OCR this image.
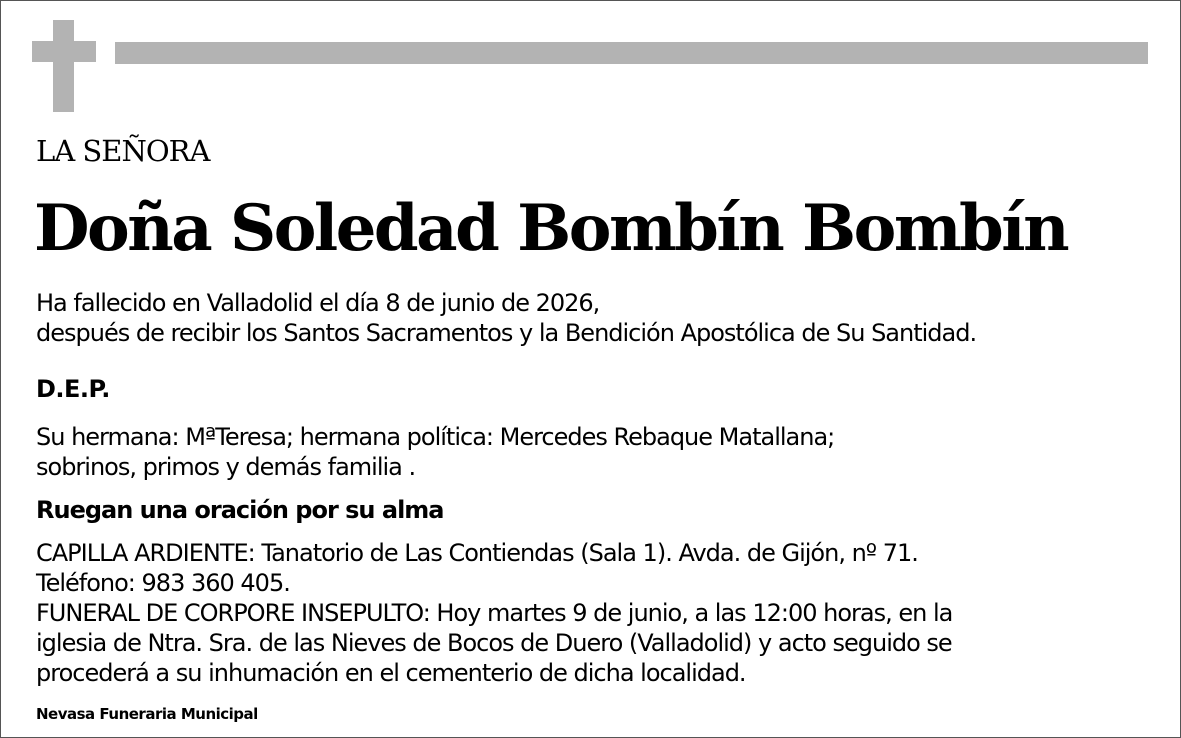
LA SEÑORA
Doña Soledad Bombín Bombín
Ha fallecido en Valladolid el día 8 de junio de 2026,
después de recibir los Santos Sacramentos y la Bendición Apostólica de Su Santidad.
D.E.P.
Su hermana: MªTeresa; hermana política: Mercedes Rebaque Matallana;
sobrinos, primos y demás familia .
Ruegan una oración por su alma
CAPILLA ARDIENTE: Tanatorio de Las Contiendas (Sala 1). Avda. de Gijón, nº 71.
Teléfono: 983 360 405.
FUNERAL DE CORPORE INSEPULTO: Hoy martes 9 de junio, a las 12:00 horas, en la
iglesia de Ntra. Sra. de las Nieves de Bocos de Duero (Valladolid) y acto seguido se
procederá a su inhumación en el cementerio de dicha localidad.
Nevasa Funeraria Municipal
